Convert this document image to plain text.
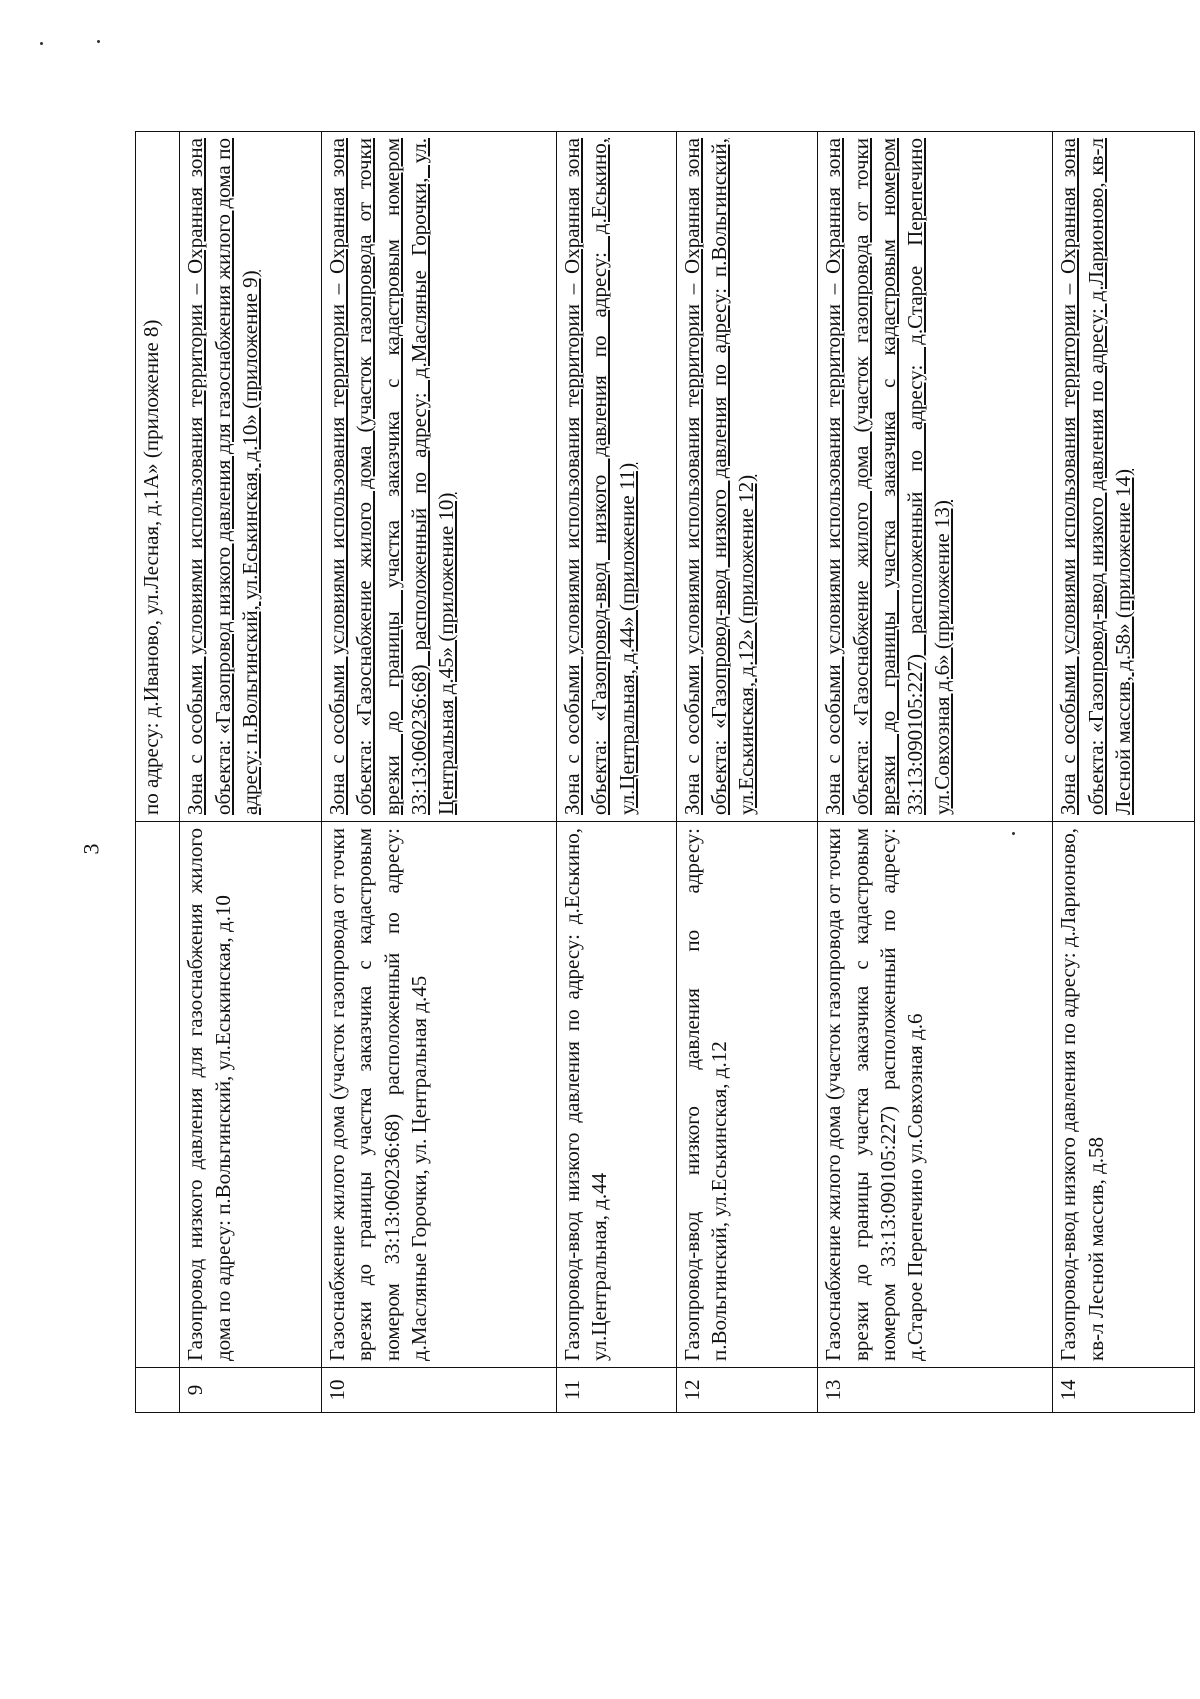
3
		по адресу: д.Иваново, ул.Лесная, д.1А» (приложение 8)
9	Газопровод низкого давления для газоснабжения жилого дома по адресу: п.Вольгинский, ул.Еськинская, д.10	Зона с особыми условиями использования территории – Охранная зона объекта: «Газопровод низкого давления для газоснабжения жилого дома по адресу: п.Вольгинский, ул.Еськинская, д.10» (приложение 9)
10	Газоснабжение жилого дома (участок газопровода от точки врезки до границы участка заказчика с кадастровым номером 33:13:060236:68) расположенный по адресу: д.Масляные Горочки, ул. Центральная д.45	Зона с особыми условиями использования территории – Охранная зона объекта: «Газоснабжение жилого дома (участок газопровода от точки врезки до границы участка заказчика с кадастровым номером 33:13:060236:68) расположенный по адресу: д.Масляные Горочки, ул. Центральная д.45» (приложение 10)
11	Газопровод-ввод низкого давления по адресу: д.Еськино, ул.Центральная, д.44	Зона с особыми условиями использования территории – Охранная зона объекта: «Газопровод-ввод низкого давления по адресу: д.Еськино, ул.Центральная, д.44» (приложение 11)
12	Газопровод-ввод низкого давления по адресу: п.Вольгинский, ул.Еськинская, д.12	Зона с особыми условиями использования территории – Охранная зона объекта: «Газопровод-ввод низкого давления по адресу: п.Вольгинский, ул.Еськинская, д.12» (приложение 12)
13	Газоснабжение жилого дома (участок газопровода от точки врезки до границы участка заказчика с кадастровым номером 33:13:090105:227) расположенный по адресу: д.Старое Перепечино ул.Совхозная д.6	Зона с особыми условиями использования территории – Охранная зона объекта: «Газоснабжение жилого дома (участок газопровода от точки врезки до границы участка заказчика с кадастровым номером 33:13:090105:227) расположенный по адресу: д.Старое Перепечино ул.Совхозная д.6» (приложение 13)
14	Газопровод-ввод низкого давления по адресу: д.Ларионово, кв-л Лесной массив, д.58	Зона с особыми условиями использования территории – Охранная зона объекта: «Газопровод-ввод низкого давления по адресу: д.Ларионово, кв-л Лесной массив, д.58» (приложение 14)
